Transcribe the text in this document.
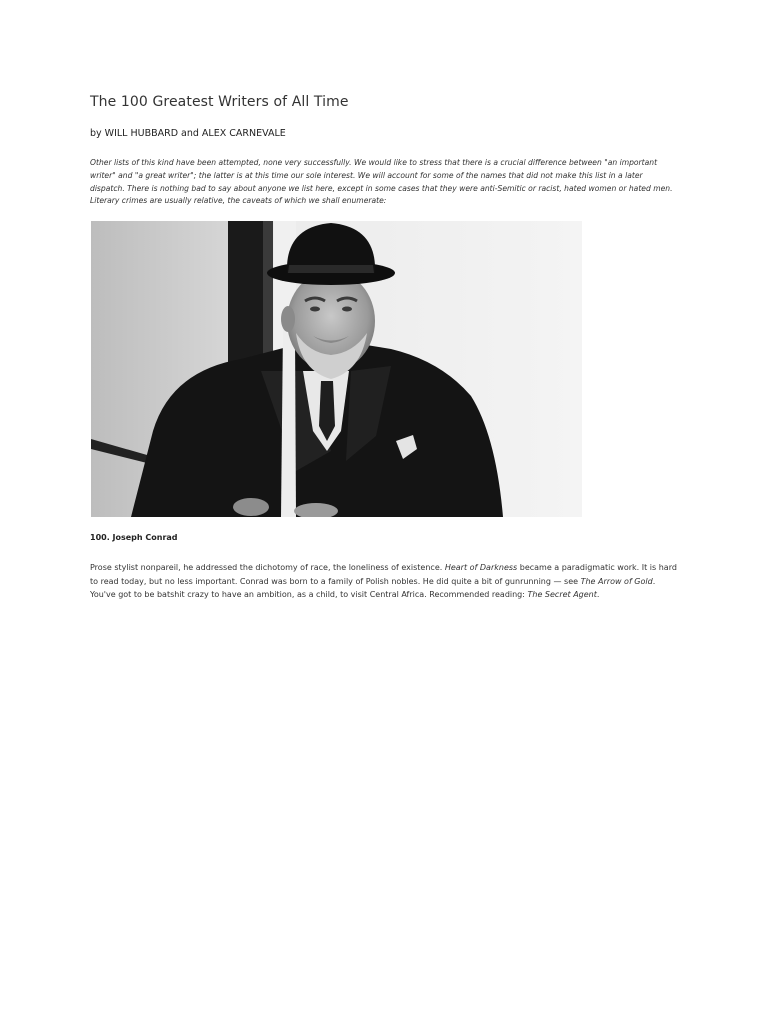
The 100 Greatest Writers of All Time

by WILL HUBBARD and ALEX CARNEVALE

Other lists of this kind have been attempted, none very successfully. We would like to stress that there is a crucial difference between "an important writer" and "a great writer"; the latter is at this time our sole interest. We will account for some of the names that did not make this list in a later dispatch. There is nothing bad to say about anyone we list here, except in some cases that they were anti-Semitic or racist, hated women or hated men. Literary crimes are usually relative, the caveats of which we shall enumerate:

100. Joseph Conrad

Prose stylist nonpareil, he addressed the dichotomy of race, the loneliness of existence. Heart of Darkness became a paradigmatic work. It is hard to read today, but no less important. Conrad was born to a family of Polish nobles. He did quite a bit of gunrunning — see The Arrow of Gold. You've got to be batshit crazy to have an ambition, as a child, to visit Central Africa. Recommended reading: The Secret Agent.
